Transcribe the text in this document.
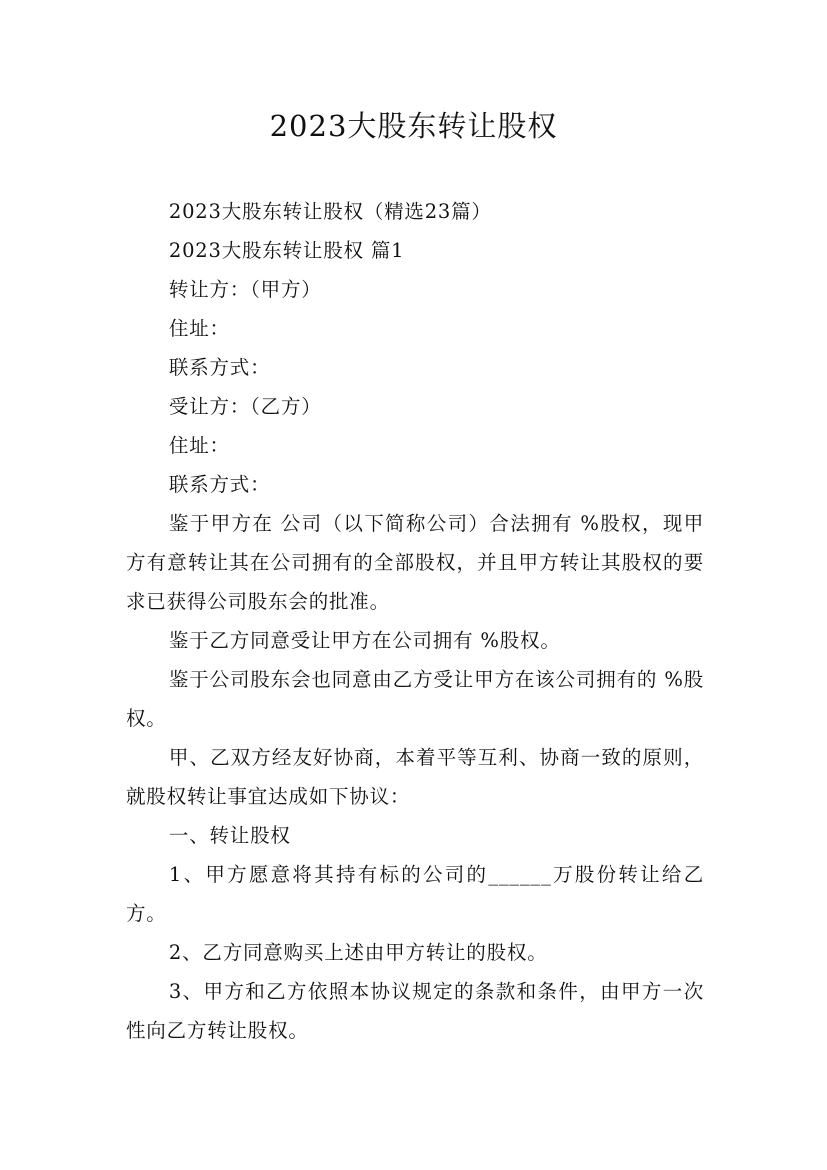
2023大股东转让股权

2023大股东转让股权（精选23篇）

2023大股东转让股权 篇1

转让方：（甲方）

住址：

联系方式：

受让方：（乙方）

住址：

联系方式：

鉴于甲方在 公司（以下简称公司）合法拥有 %股权，现甲方有意转让其在公司拥有的全部股权，并且甲方转让其股权的要求已获得公司股东会的批准。

鉴于乙方同意受让甲方在公司拥有 %股权。

鉴于公司股东会也同意由乙方受让甲方在该公司拥有的 %股权。

甲、乙双方经友好协商，本着平等互利、协商一致的原则，就股权转让事宜达成如下协议：

一、转让股权

1、甲方愿意将其持有标的公司的______万股份转让给乙方。

2、乙方同意购买上述由甲方转让的股权。

3、甲方和乙方依照本协议规定的条款和条件，由甲方一次性向乙方转让股权。
